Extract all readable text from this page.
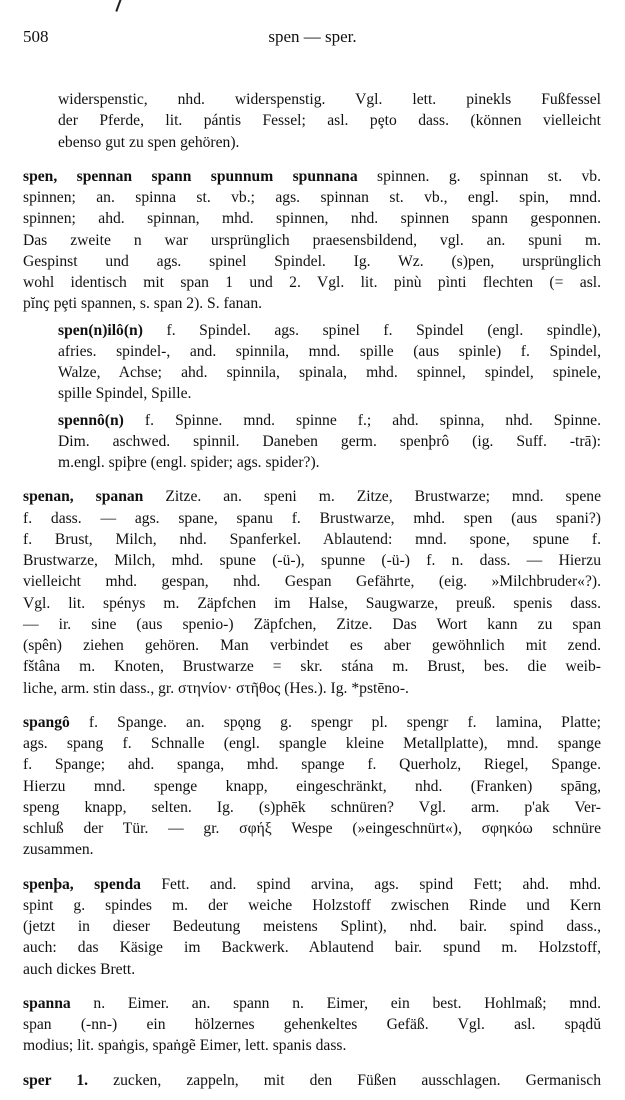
508	spen — sper.
widerspenstic, nhd. widerspenstig. Vgl. lett. pinekls Fußfessel
der Pferde, lit. pántis Fessel; asl. pȩto dass. (können vielleicht
ebenso gut zu spen gehören).
spen, spennan spann spunnum spunnana spinnen. g. spinnan st. vb.
spinnen; an. spinna st. vb.; ags. spinnan st. vb., engl. spin, mnd.
spinnen; ahd. spinnan, mhd. spinnen, nhd. spinnen spann gesponnen.
Das zweite n war ursprünglich praesensbildend, vgl. an. spuni m.
Gespinst und ags. spinel Spindel. Ig. Wz. (s)pen, ursprünglich
wohl identisch mit span 1 und 2. Vgl. lit. pinù pìnti flechten (= asl.
pĭnҫ pȩti spannen, s. span 2). S. fanan.
spen(n)ilô(n) f. Spindel. ags. spinel f. Spindel (engl. spindle),
afries. spindel-, and. spinnila, mnd. spille (aus spinle) f. Spindel,
Walze, Achse; ahd. spinnila, spinala, mhd. spinnel, spindel, spinele,
spille Spindel, Spille.
spennô(n) f. Spinne. mnd. spinne f.; ahd. spinna, nhd. Spinne.
Dim. aschwed. spinnil. Daneben germ. spenþrô (ig. Suff. -trā):
m.engl. spiþre (engl. spider; ags. spider?).
spenan, spanan Zitze. an. speni m. Zitze, Brustwarze; mnd. spene
f. dass. — ags. spane, spanu f. Brustwarze, mhd. spen (aus spani?)
f. Brust, Milch, nhd. Spanferkel. Ablautend: mnd. spone, spune f.
Brustwarze, Milch, mhd. spune (-ü-), spunne (-ü-) f. n. dass. — Hierzu
vielleicht mhd. gespan, nhd. Gespan Gefährte, (eig. »Milchbruder«?).
Vgl. lit. spénys m. Zäpfchen im Halse, Saugwarze, preuß. spenis dass.
— ir. sine (aus spenio-) Zäpfchen, Zitze. Das Wort kann zu span
(spên) ziehen gehören. Man verbindet es aber gewöhnlich mit zend.
fštâna m. Knoten, Brustwarze = skr. stána m. Brust, bes. die weib-
liche, arm. stin dass., gr. στηνίον· στῆθος (Hes.). Ig. *pstēno-.
spangô f. Spange. an. spǫng g. spengr pl. spengr f. lamina, Platte;
ags. spang f. Schnalle (engl. spangle kleine Metallplatte), mnd. spange
f. Spange; ahd. spanga, mhd. spange f. Querholz, Riegel, Spange.
Hierzu mnd. spenge knapp, eingeschränkt, nhd. (Franken) spāng,
speng knapp, selten. Ig. (s)phēk schnüren? Vgl. arm. p'ak Ver-
schluß der Tür. — gr. σφήξ Wespe (»eingeschnürt«), σφηκόω schnüre
zusammen.
spenþa, spenda Fett. and. spind arvina, ags. spind Fett; ahd. mhd.
spint g. spindes m. der weiche Holzstoff zwischen Rinde und Kern
(jetzt in dieser Bedeutung meistens Splint), nhd. bair. spind dass.,
auch: das Käsige im Backwerk. Ablautend bair. spund m. Holzstoff,
auch dickes Brett.
spanna n. Eimer. an. spann n. Eimer, ein best. Hohlmaß; mnd.
span (-nn-) ein hölzernes gehenkeltes Gefäß. Vgl. asl. spądŭ
modius; lit. spaṅgis, spaṅgẽ Eimer, lett. spanis dass.
sper 1. zucken, zappeln, mit den Füßen ausschlagen. Germanisch
